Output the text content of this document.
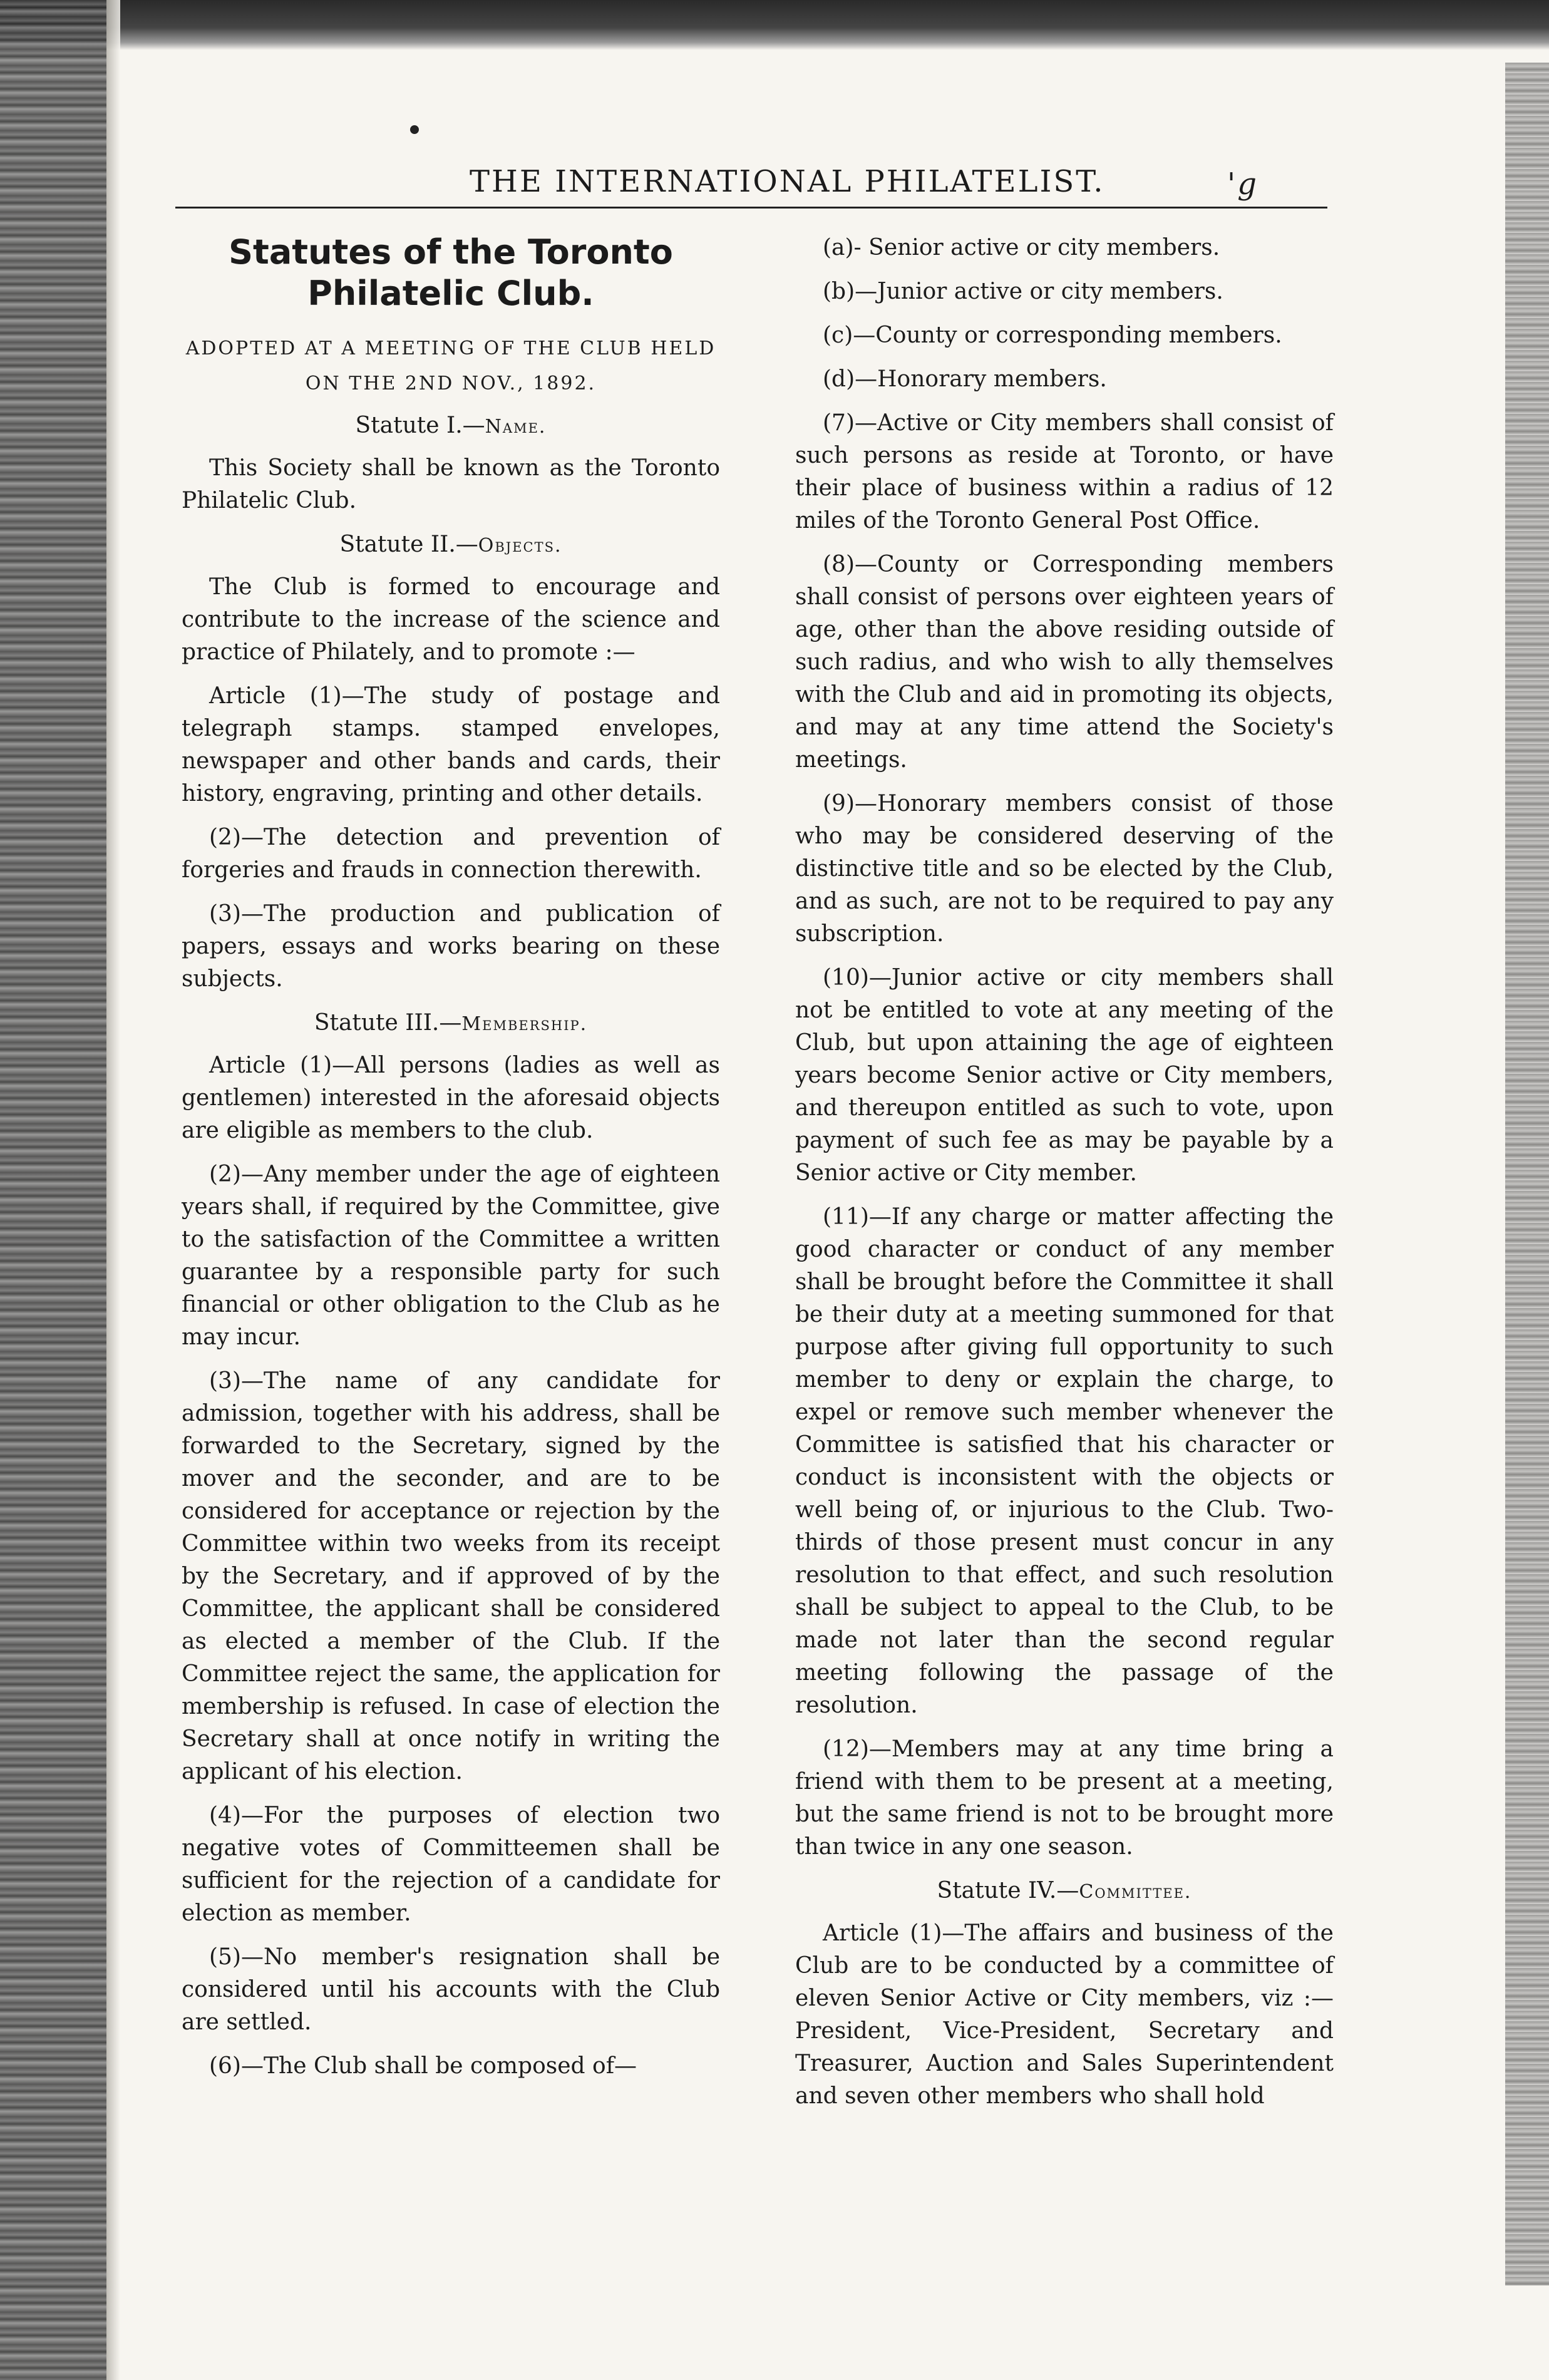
THE INTERNATIONAL PHILATELIST.	'g
Statutes of the Toronto Philatelic Club.
ADOPTED AT A MEETING OF THE CLUB HELD
ON THE 2ND NOV., 1892.
Statute I.—Name.

This Society shall be known as the Toronto Philatelic Club.

Statute II.—Objects.

The Club is formed to encourage and contribute to the increase of the science and practice of Philately, and to promote :—

Article (1)—The study of postage and telegraph stamps. stamped envelopes, newspaper and other bands and cards, their history, engraving, printing and other details.

(2)—The detection and prevention of forgeries and frauds in connection therewith.

(3)—The production and publication of papers, essays and works bearing on these subjects.

Statute III.—Membership.

Article (1)—All persons (ladies as well as gentlemen) interested in the aforesaid objects are eligible as members to the club.

(2)—Any member under the age of eighteen years shall, if required by the Committee, give to the satisfaction of the Committee a written guarantee by a responsible party for such financial or other obligation to the Club as he may incur.

(3)—The name of any candidate for admission, together with his address, shall be forwarded to the Secretary, signed by the mover and the seconder, and are to be considered for acceptance or rejection by the Committee within two weeks from its receipt by the Secretary, and if approved of by the Committee, the applicant shall be considered as elected a member of the Club. If the Committee reject the same, the application for membership is refused. In case of election the Secretary shall at once notify in writing the applicant of his election.

(4)—For the purposes of election two negative votes of Committeemen shall be sufficient for the rejection of a candidate for election as member.

(5)—No member's resignation shall be considered until his accounts with the Club are settled.

(6)—The Club shall be composed of—

(a)- Senior active or city members.

(b)—Junior active or city members.

(c)—County or corresponding members.

(d)—Honorary members.

(7)—Active or City members shall consist of such persons as reside at Toronto, or have their place of business within a radius of 12 miles of the Toronto General Post Office.

(8)—County or Corresponding members shall consist of persons over eighteen years of age, other than the above residing outside of such radius, and who wish to ally themselves with the Club and aid in promoting its objects, and may at any time attend the Society's meetings.

(9)—Honorary members consist of those who may be considered deserving of the distinctive title and so be elected by the Club, and as such, are not to be required to pay any subscription.

(10)—Junior active or city members shall not be entitled to vote at any meeting of the Club, but upon attaining the age of eighteen years become Senior active or City members, and thereupon entitled as such to vote, upon payment of such fee as may be payable by a Senior active or City member.

(11)—If any charge or matter affecting the good character or conduct of any member shall be brought before the Committee it shall be their duty at a meeting summoned for that purpose after giving full opportunity to such member to deny or explain the charge, to expel or remove such member whenever the Committee is satisfied that his character or conduct is inconsistent with the objects or well being of, or injurious to the Club. Two-thirds of those present must concur in any resolution to that effect, and such resolution shall be subject to appeal to the Club, to be made not later than the second regular meeting following the passage of the resolution.

(12)—Members may at any time bring a friend with them to be present at a meeting, but the same friend is not to be brought more than twice in any one season.

Statute IV.—Committee.

Article (1)—The affairs and business of the Club are to be conducted by a committee of eleven Senior Active or City members, viz :—President, Vice-President, Secretary and Treasurer, Auction and Sales Superintendent and seven other members who shall hold
